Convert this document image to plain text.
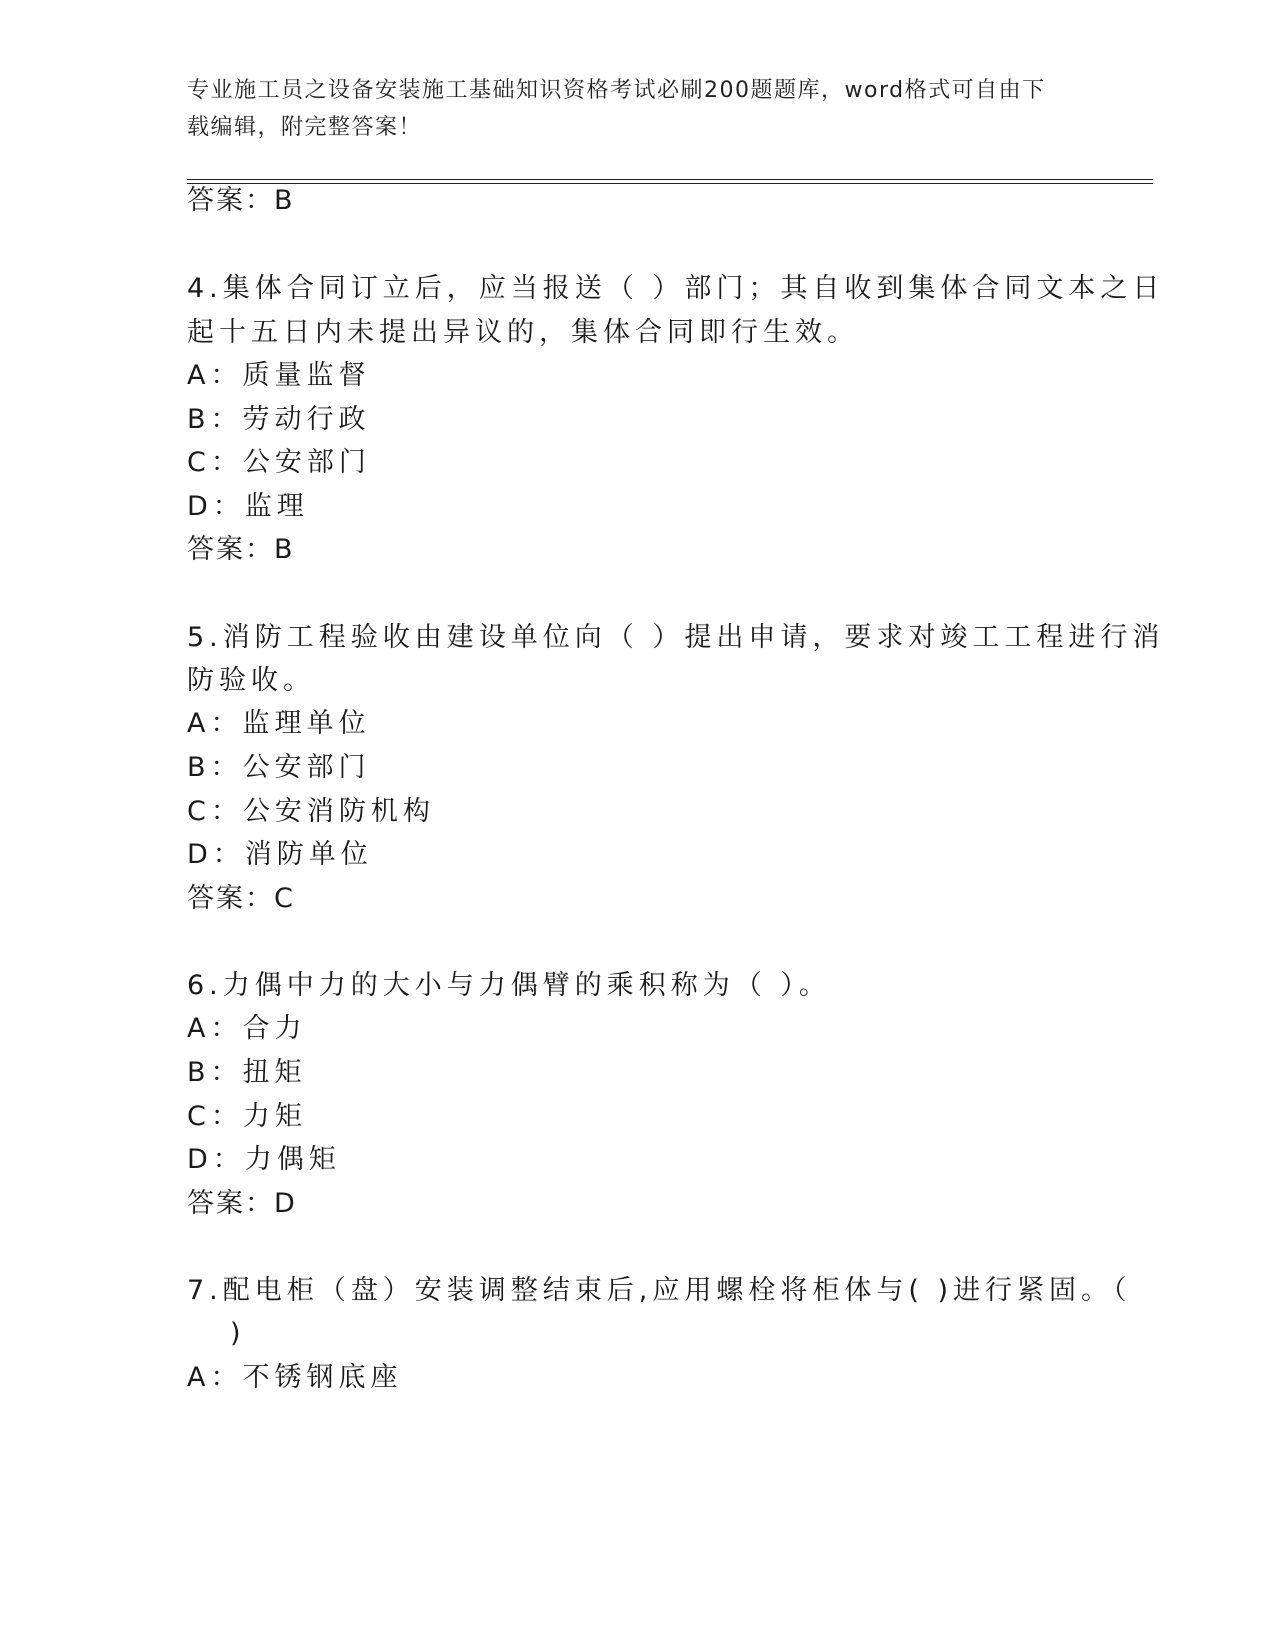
专业施工员之设备安装施工基础知识资格考试必刷200题题库，word格式可自由下载编辑，附完整答案！
答案：B
4.集体合同订立后，应当报送（ ）部门；其自收到集体合同文本之日
起十五日内未提出异议的，集体合同即行生效。
A：质量监督
B：劳动行政
C：公安部门
D：监理
答案：B
5.消防工程验收由建设单位向（ ）提出申请，要求对竣工工程进行消
防验收。
A：监理单位
B：公安部门
C：公安消防机构
D：消防单位
答案：C
6.力偶中力的大小与力偶臂的乘积称为（ ）。
A：合力
B：扭矩
C：力矩
D：力偶矩
答案：D
7.配电柜（盘）安装调整结束后,应用螺栓将柜体与( )进行紧固。（
)
A：不锈钢底座
